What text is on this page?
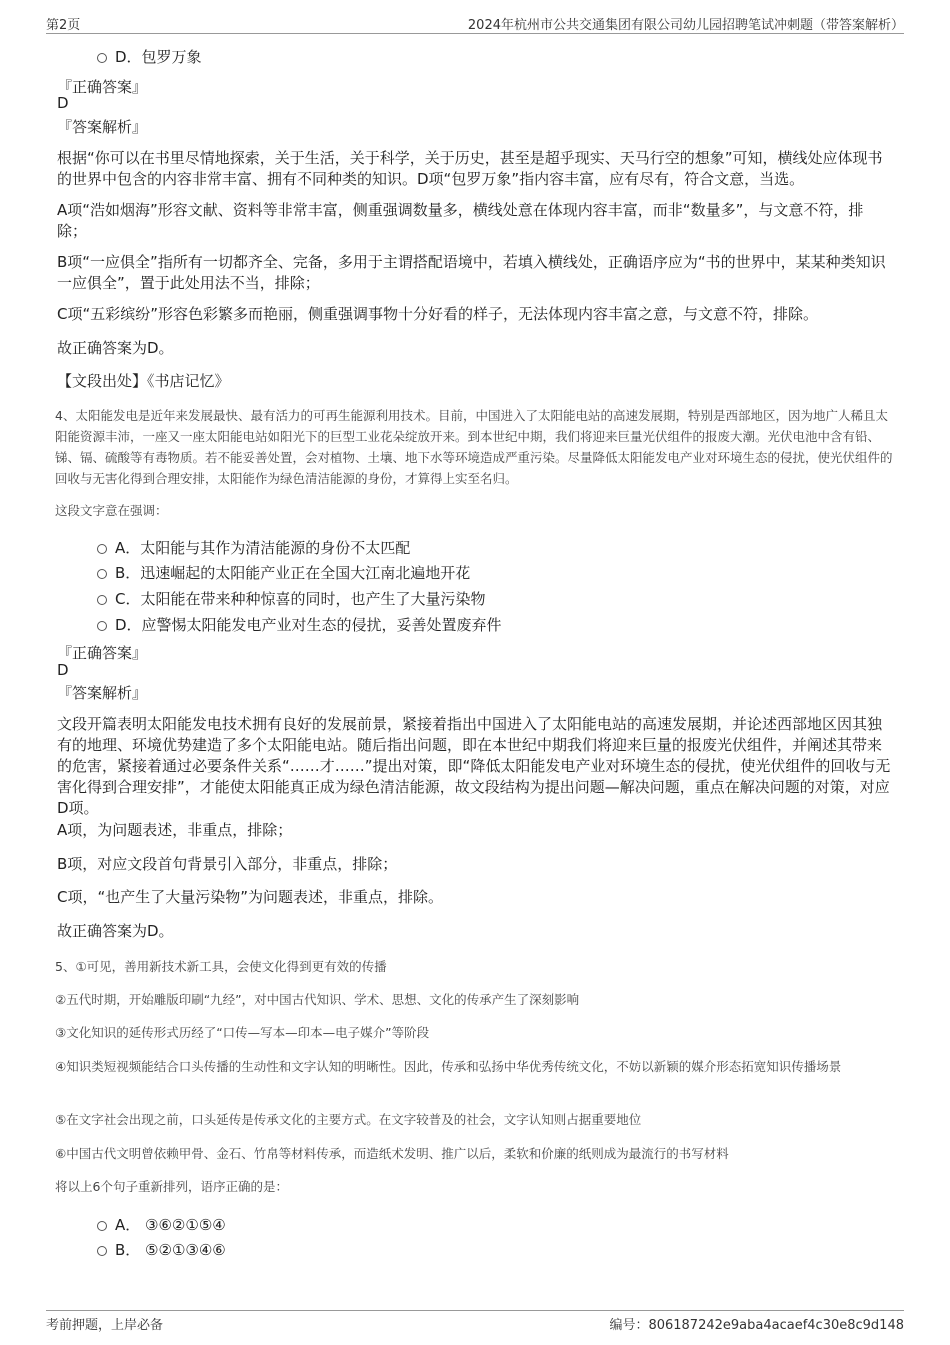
第2页	2024年杭州市公共交通集团有限公司幼儿园招聘笔试冲刺题（带答案解析）
D．包罗万象
『正确答案』
D
『答案解析』
根据“你可以在书里尽情地探索，关于生活，关于科学，关于历史，甚至是超乎现实、天马行空的想象”可知，横线处应体现书的世界中包含的内容非常丰富、拥有不同种类的知识。D项“包罗万象”指内容丰富，应有尽有，符合文意，当选。
A项“浩如烟海”形容文献、资料等非常丰富，侧重强调数量多，横线处意在体现内容丰富，而非“数量多”，与文意不符，排除；
B项“一应俱全”指所有一切都齐全、完备，多用于主谓搭配语境中，若填入横线处，正确语序应为“书的世界中，某某种类知识一应俱全”，置于此处用法不当，排除；
C项“五彩缤纷”形容色彩繁多而艳丽，侧重强调事物十分好看的样子，无法体现内容丰富之意，与文意不符，排除。
故正确答案为D。
【文段出处】《书店记忆》
4、太阳能发电是近年来发展最快、最有活力的可再生能源利用技术。目前，中国进入了太阳能电站的高速发展期，特别是西部地区，因为地广人稀且太阳能资源丰沛，一座又一座太阳能电站如阳光下的巨型工业花朵绽放开来。到本世纪中期，我们将迎来巨量光伏组件的报废大潮。光伏电池中含有铅、锑、镉、硫酸等有毒物质。若不能妥善处置，会对植物、土壤、地下水等环境造成严重污染。尽量降低太阳能发电产业对环境生态的侵扰，使光伏组件的回收与无害化得到合理安排，太阳能作为绿色清洁能源的身份，才算得上实至名归。
这段文字意在强调：
A．太阳能与其作为清洁能源的身份不太匹配
B．迅速崛起的太阳能产业正在全国大江南北遍地开花
C．太阳能在带来种种惊喜的同时，也产生了大量污染物
D．应警惕太阳能发电产业对生态的侵扰，妥善处置废弃件
『正确答案』
D
『答案解析』
文段开篇表明太阳能发电技术拥有良好的发展前景，紧接着指出中国进入了太阳能电站的高速发展期，并论述西部地区因其独有的地理、环境优势建造了多个太阳能电站。随后指出问题，即在本世纪中期我们将迎来巨量的报废光伏组件，并阐述其带来的危害，紧接着通过必要条件关系“……才……”提出对策，即“降低太阳能发电产业对环境生态的侵扰，使光伏组件的回收与无害化得到合理安排”，才能使太阳能真正成为绿色清洁能源，故文段结构为提出问题—解决问题，重点在解决问题的对策，对应D项。
A项，为问题表述，非重点，排除；
B项，对应文段首句背景引入部分，非重点，排除；
C项，“也产生了大量污染物”为问题表述，非重点，排除。
故正确答案为D。
5、①可见，善用新技术新工具，会使文化得到更有效的传播
②五代时期，开始雕版印刷“九经”，对中国古代知识、学术、思想、文化的传承产生了深刻影响
③文化知识的延传形式历经了“口传—写本—印本—电子媒介”等阶段
④知识类短视频能结合口头传播的生动性和文字认知的明晰性。因此，传承和弘扬中华优秀传统文化，不妨以新颖的媒介形态拓宽知识传播场景
⑤在文字社会出现之前，口头延传是传承文化的主要方式。在文字较普及的社会，文字认知则占据重要地位
⑥中国古代文明曾依赖甲骨、金石、竹帛等材料传承，而造纸术发明、推广以后，柔软和价廉的纸则成为最流行的书写材料
将以上6个句子重新排列，语序正确的是：
A． ③⑥②①⑤④
B． ⑤②①③④⑥
考前押题，上岸必备	编号：806187242e9aba4acaef4c30e8c9d148
